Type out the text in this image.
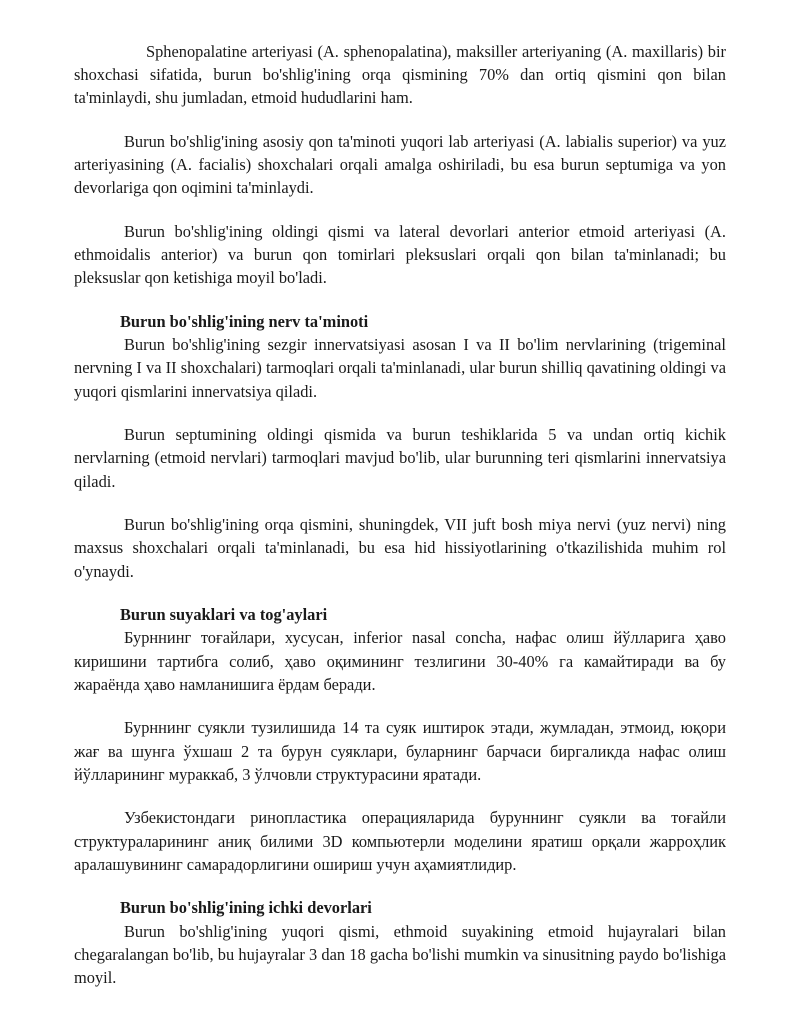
Sphenopalatine arteriyasi (A. sphenopalatina), maksiller arteriyaning (A. maxillaris) bir shoxchasi sifatida, burun bo'shlig'ining orqa qismining 70% dan ortiq qismini qon bilan ta'minlaydi, shu jumladan, etmoid hududlarini ham.

Burun bo'shlig'ining asosiy qon ta'minoti yuqori lab arteriyasi (A. labialis superior) va yuz arteriyasining (A. facialis) shoxchalari orqali amalga oshiriladi, bu esa burun septumiga va yon devorlariga qon oqimini ta'minlaydi.

Burun bo'shlig'ining oldingi qismi va lateral devorlari anterior etmoid arteriyasi (A. ethmoidalis anterior) va burun qon tomirlari pleksuslari orqali qon bilan ta'minlanadi; bu pleksuslar qon ketishiga moyil bo'ladi.

Burun bo'shlig'ining nerv ta'minoti

Burun bo'shlig'ining sezgir innervatsiyasi asosan I va II bo'lim nervlarining (trigeminal nervning I va II shoxchalari) tarmoqlari orqali ta'minlanadi, ular burun shilliq qavatining oldingi va yuqori qismlarini innervatsiya qiladi.

Burun septumining oldingi qismida va burun teshiklarida 5 va undan ortiq kichik nervlarning (etmoid nervlari) tarmoqlari mavjud bo'lib, ular burunning teri qismlarini innervatsiya qiladi.

Burun bo'shlig'ining orqa qismini, shuningdek, VII juft bosh miya nervi (yuz nervi) ning maxsus shoxchalari orqali ta'minlanadi, bu esa hid hissiyotlarining o'tkazilishida muhim rol o'ynaydi.

Burun suyaklari va tog'aylari

Бурннинг тоғайлари, хусусан, inferior nasal concha, нафас олиш йўлларига ҳаво киришини тартибга солиб, ҳаво оқимининг тезлигини 30-40% га камайтиради ва бу жараёнда ҳаво намланишига ёрдам беради.

Бурннинг суякли тузилишида 14 та суяк иштирок этади, жумладан, этмоид, юқори жағ ва шунга ўхшаш 2 та бурун суяклари, буларнинг барчаси биргаликда нафас олиш йўлларининг мураккаб, 3 ўлчовли структурасини яратади.

Узбекистондаги ринопластика операцияларида буруннинг суякли ва тоғайли структураларининг аниқ билими 3D компьютерли моделини яратиш орқали жарроҳлик аралашувининг самарадорлигини ошириш учун аҳамиятлидир.

Burun bo'shlig'ining ichki devorlari

Burun bo'shlig'ining yuqori qismi, ethmoid suyakining etmoid hujayralari bilan chegaralangan bo'lib, bu hujayralar 3 dan 18 gacha bo'lishi mumkin va sinusitning paydo bo'lishiga moyil.
